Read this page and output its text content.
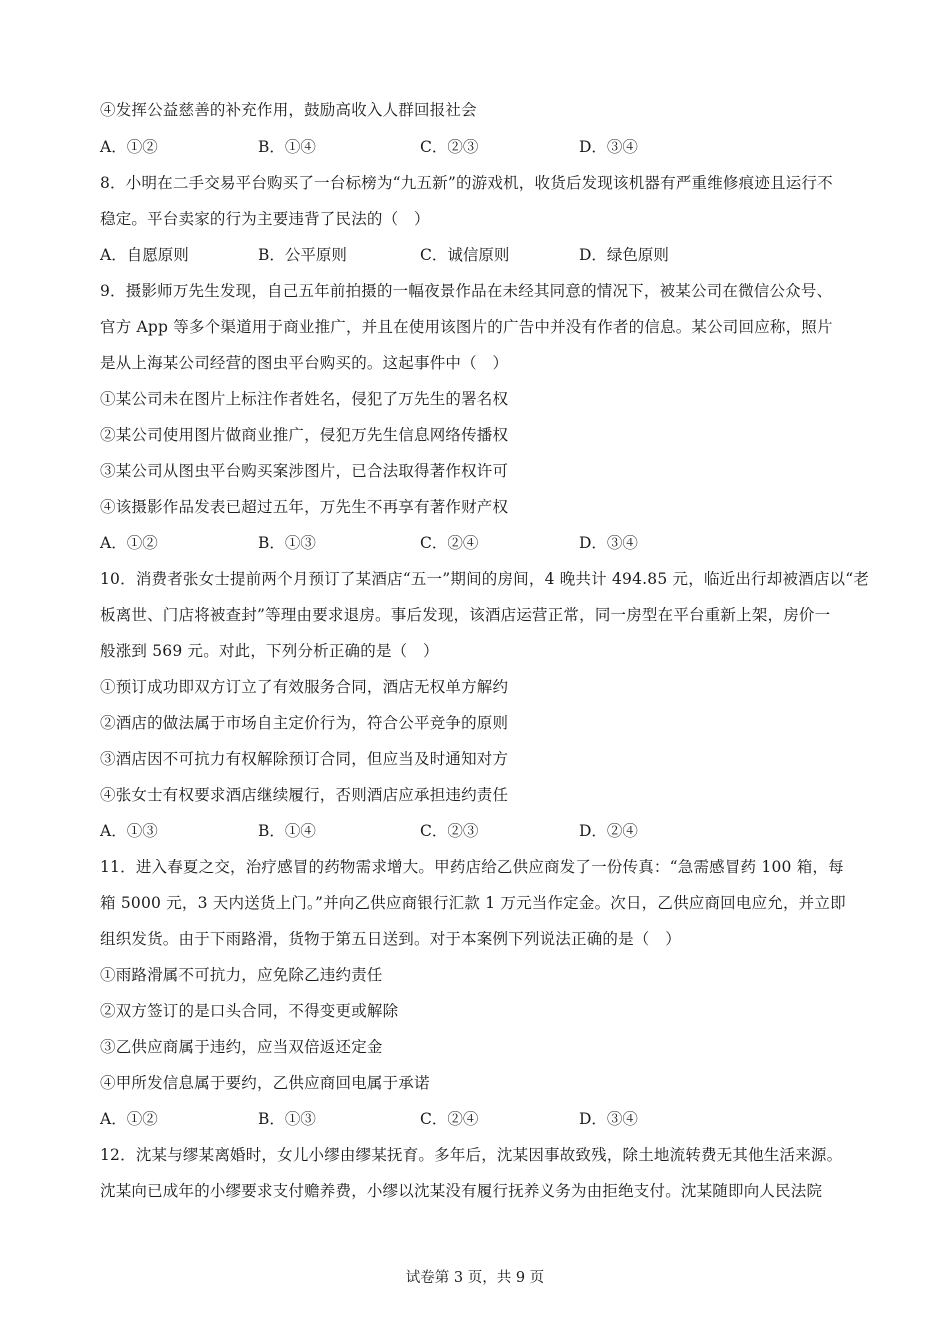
④发挥公益慈善的补充作用，鼓励高收入人群回报社会
A．①②	B．①④	C．②③	D．③④
8．小明在二手交易平台购买了一台标榜为“九五新”的游戏机，收货后发现该机器有严重维修痕迹且运行不
稳定。平台卖家的行为主要违背了民法的（　）
A．自愿原则	B．公平原则	C．诚信原则	D．绿色原则
9．摄影师万先生发现，自己五年前拍摄的一幅夜景作品在未经其同意的情况下，被某公司在微信公众号、
官方 App 等多个渠道用于商业推广，并且在使用该图片的广告中并没有作者的信息。某公司回应称，照片
是从上海某公司经营的图虫平台购买的。这起事件中（　）
①某公司未在图片上标注作者姓名，侵犯了万先生的署名权
②某公司使用图片做商业推广，侵犯万先生信息网络传播权
③某公司从图虫平台购买案涉图片，已合法取得著作权许可
④该摄影作品发表已超过五年，万先生不再享有著作财产权
A．①②	B．①③	C．②④	D．③④
10．消费者张女士提前两个月预订了某酒店“五一”期间的房间，4 晚共计 494.85 元，临近出行却被酒店以“老
板离世、门店将被查封”等理由要求退房。事后发现，该酒店运营正常，同一房型在平台重新上架，房价一
般涨到 569 元。对此，下列分析正确的是（　）
①预订成功即双方订立了有效服务合同，酒店无权单方解约
②酒店的做法属于市场自主定价行为，符合公平竞争的原则
③酒店因不可抗力有权解除预订合同，但应当及时通知对方
④张女士有权要求酒店继续履行，否则酒店应承担违约责任
A．①③	B．①④	C．②③	D．②④
11．进入春夏之交，治疗感冒的药物需求增大。甲药店给乙供应商发了一份传真：“急需感冒药 100 箱，每
箱 5000 元，3 天内送货上门。”并向乙供应商银行汇款 1 万元当作定金。次日，乙供应商回电应允，并立即
组织发货。由于下雨路滑，货物于第五日送到。对于本案例下列说法正确的是（　）
①雨路滑属不可抗力，应免除乙违约责任
②双方签订的是口头合同，不得变更或解除
③乙供应商属于违约，应当双倍返还定金
④甲所发信息属于要约，乙供应商回电属于承诺
A．①②	B．①③	C．②④	D．③④
12．沈某与缪某离婚时，女儿小缪由缪某抚育。多年后，沈某因事故致残，除土地流转费无其他生活来源。
沈某向已成年的小缪要求支付赡养费，小缪以沈某没有履行抚养义务为由拒绝支付。沈某随即向人民法院
试卷第 3 页，共 9 页
